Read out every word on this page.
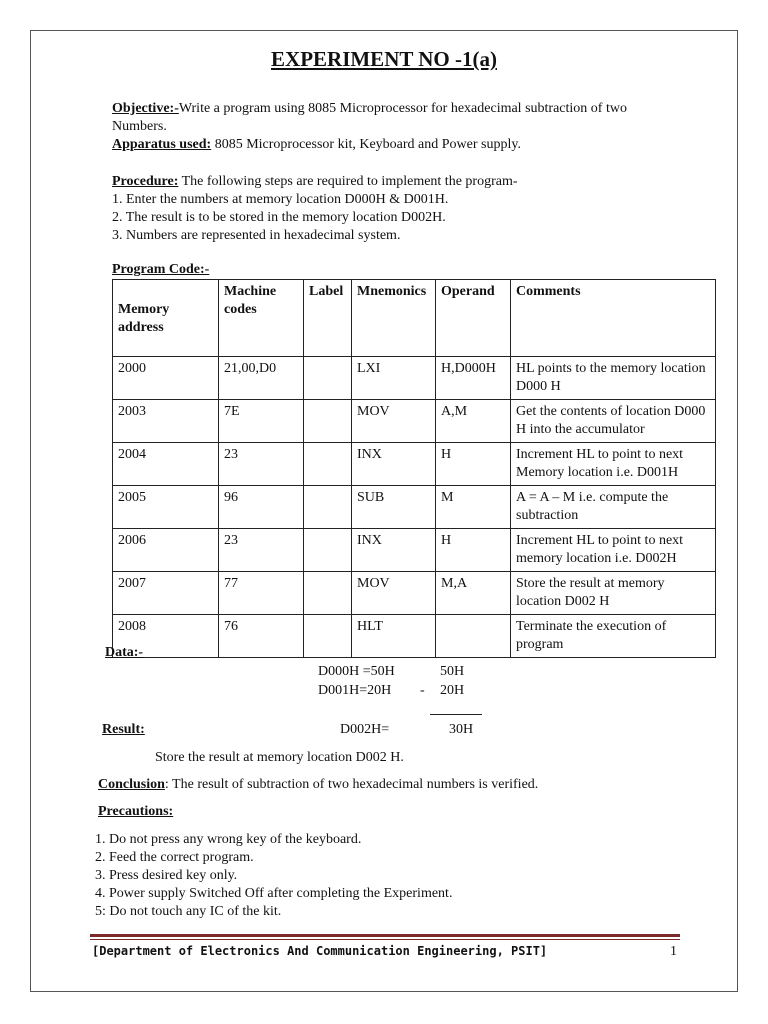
EXPERIMENT NO -1(a)
Objective:-Write a program using 8085 Microprocessor for hexadecimal subtraction of two
Numbers.
Apparatus used: 8085 Microprocessor kit, Keyboard and Power supply.
Procedure: The following steps are required to implement the program-
1. Enter the numbers at memory location D000H & D001H.
2. The result is to be stored in the memory location D002H.
3. Numbers are represented in hexadecimal system.
Program Code:-
Memory address	Machine codes	Label	Mnemonics	Operand	Comments
2000	21,00,D0		LXI	H,D000H	HL points to the memory location D000 H
2003	7E		MOV	A,M	Get the contents of location D000 H into the accumulator
2004	23		INX	H	Increment HL to point to next Memory location i.e. D001H
2005	96		SUB	M	A = A – M i.e. compute the subtraction
2006	23		INX	H	Increment HL to point to next memory location i.e. D002H
2007	77		MOV	M,A	Store the result at memory location D002 H
2008	76		HLT		Terminate the execution of program
Data:-
D000H =50H	50H
D001H=20H - 20H
Result:	D002H=	30H
Store the result at memory location D002 H.
Conclusion: The result of subtraction of two hexadecimal numbers is verified.
Precautions:
1. Do not press any wrong key of the keyboard.
2. Feed the correct program.
3. Press desired key only.
4. Power supply Switched Off after completing the Experiment.
5: Do not touch any IC of the kit.
[Department of Electronics And Communication Engineering, PSIT]	1
